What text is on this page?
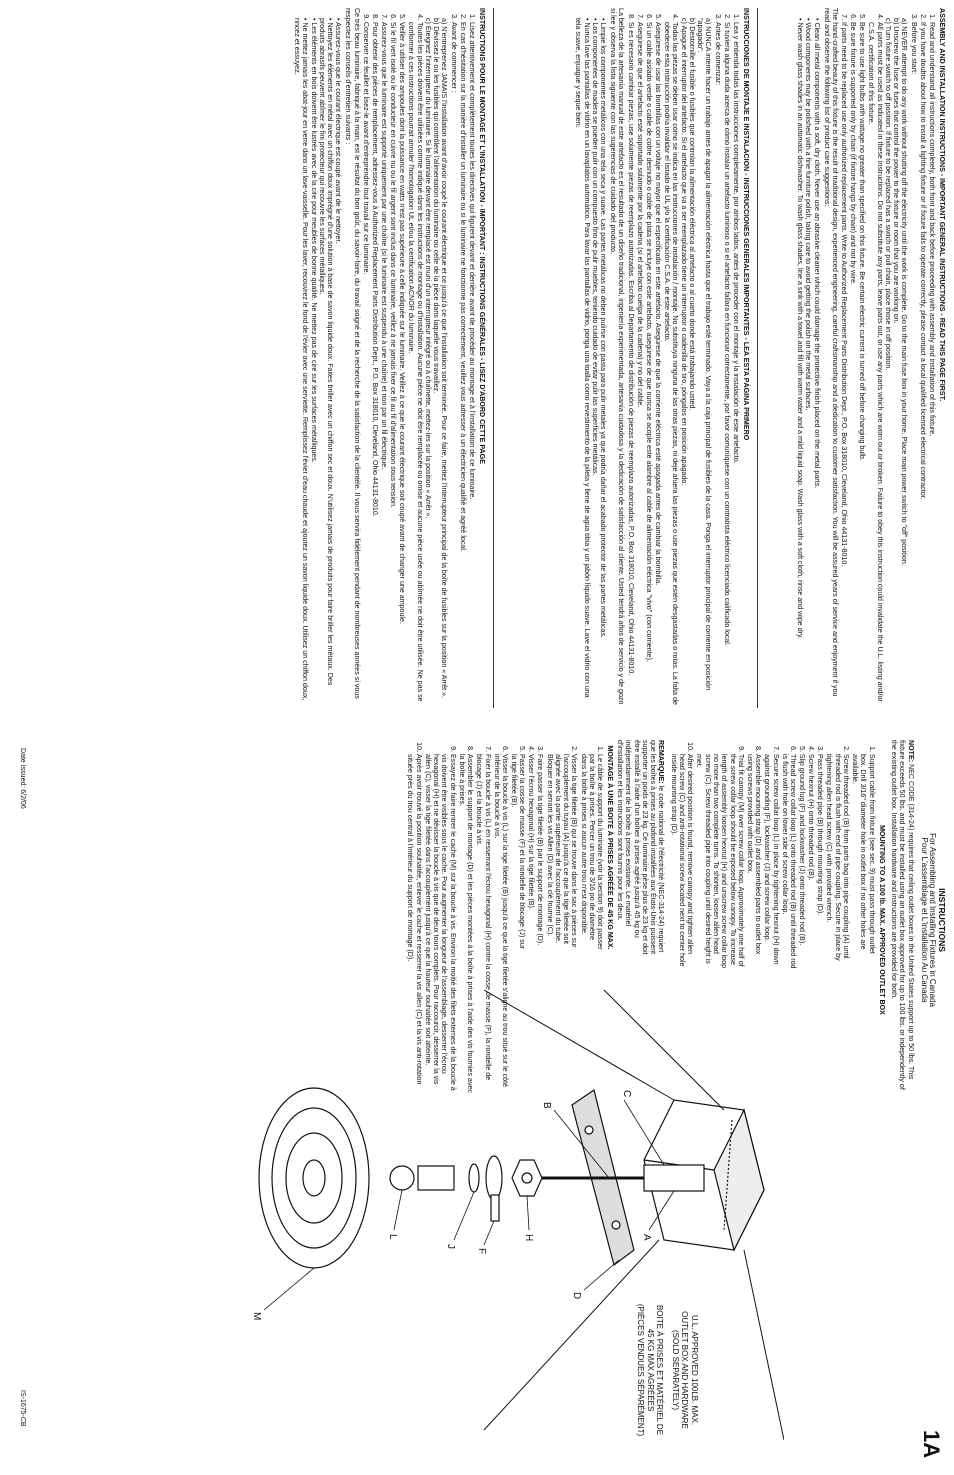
ASSEMBLY AND INSTALLATION INSTRUCTIONS - IMPORTANT GENERAL INSTRUCTIONS - READ THIS PAGE FIRST.

1. Read and understand all instructions completely, both front and back before proceeding with assembly and installation of this fixture.
2. If you have doubts about how to install a lighting fixture or if fixture fails to operate correctly, please contact a local qualified licensed electrical contractor.
3. Before you start:
a) NEVER attempt to do any work without shutting off the electricity until the work is complete. Go to the main fuse box in your home. Place main power switch to "off" position.
b) Unscrew the fuse or fuses that control the power to the fixture or room that you are working on.
c) Turn fixture switch to off position. If fixture to be replaced has a switch or pull chain, place those in off position.
4. All parts must be used as indicated in these instructions. Do not substitute any parts, leave parts out, or use any parts which are worn out or broken. Failure to obey this instruction could invalidate the U.L. listing and/or C.S.A. certification of this fixture.
5. Be sure to use light bulbs with wattage no greater than specified on this fixture. Be certain electric current is turned off before changing bulb.
6. Be sure fixture is supported only by chain (if fixture hangs by chain) and not by wire.
7. If parts need to be replaced use only authorized replacement parts. Write to Authorized Replacement Parts Distribution Dept., P.O. Box 318010, Cleveland, Ohio 44131-8010.

The hand-crafted beauty of this fixture is the result of traditional design, experienced engineering, careful craftsmanship and a dedication to customer satisfaction. You will be assured years of service and enjoyment if you read and observe the following list of product care suggestions:

• Clean all metal components with a soft, dry cloth. Never use an abrasive cleaner which could damage the protective finish placed on the metal parts.
• Wood components may be polished with a fine furniture polish, taking care to avoid getting the polish on the metal surfaces.
• Never wash glass shades in an automatic dishwasher. To wash glass shades, line a sink with a towel and fill with warm water and a mild liquid soap. Wash glass with a soft cloth, rinse and wipe dry.

INSTRUCCIONES DE MONTAJE E INSTALACION - INSTRUCCIONES GENERALES IMPORTANTES - LEA ESTA PÁGINA PRIMERO

1. Lea y entienda todas las instrucciones completamente, por ambos lados, antes de proceder con el montaje y la instalación de este artefacto.
2. Si tuviera alguna duda acerca de cómo instalar un artefacto luminoso o si el artefacto fallara en funcionar correctamente, por favor comuníquese con un contratista eléctrico licenciado calificado local.
3. Antes de comenzar:
a) NUNCA intente hacer un trabajo antes de apagar la alimentación eléctrica hasta que el trabajo esté terminado. Vaya a la caja principal de fusibles de la casa. Ponga el interruptor principal de corriente en posición "apagado".
b) Destornille el fusible o fusibles que controlan la alimentación eléctrica al artefacto o al cuarto donde está trabajando usted.
c) Apague el interruptor del artefacto. Si el artefacto que va a ser reemplazado tiene un interruptor o cadenilla de tiro, póngalos en posición apagado.
4. Todas las piezas se deben usar como se indica en las instrucciones de instalación / montaje. No substituya ninguna de las otras piezas, ni deje afuera las piezas o use piezas que estén desgastadas o rotas. La falta de obedecer esta instrucción podría invalidar el listado de UL y/o la certificación C.S.A. de este artefacto.
5. Asegúrese de usar las bombillas con un voltaje no mayor que el especificado en este artefacto. Asegúrese de que la corriente eléctrica esté apagada antes de cambiar la bombilla.
6. Si un cable aislado verde o cable de cobre desnudo o cable de plata se incluye con este artefacto, asegúrese de que nunca se acople este alambre al cable de alimentación eléctrica "vivo" (con corriente).
7. Asegúrese de que el artefacto esté soportado solamente por la cadena (si el artefacto cuelga de la cadena) y no del cable.
8. Si es necesario cambiar piezas, use solamente piezas de reemplazo autorizadas. Escriba al Departamento de distribución de piezas de reemplazo autorizadas, P.O. Box 318010, Cleveland, Ohio 44131-8010.

La belleza de la artesanía manual de este artefacto es el resultado de un diseño tradicional, ingeniería experimentada, artesanía cuidadosa y la dedicación de satisfacción al cliente. Usted tendrá años de servicio y de gozo si lee y observa la lista siguiente con las sugerencias de cuidado del producto.

• Limpie los componentes metálicos con una tela seca y suave. Las partes metálicas no deben pulirse con pasta para pulir metales ya que podría dañar el acabado protector de las partes metálicas.
• Los componentes de madera se pueden pulir con un compuesto fino de pulir muebles, teniendo cuidado de evitar pulir las superficies metálicas.
• Nunca lave las pantallas de vidrio en un lavaplatos automático. Para lavar las pantallas de vidrio, ponga una toalla como revestimiento de la pileta y llene de agua tibia y un jabón líquido suave. Lave el vidrio con una tela suave, enjuague y seque bien.

INSTRUCTIONS POUR LE MONTAGE ET L'INSTALLATION - IMPORTANT : INSTRUCTIONS GÉNÉRALES - LISEZ D'ABORD CETTE PAGE

1. Lisez attentivement et complètement toutes les directives qui figurent devant et derrière avant de procéder au montage et à l'installation de ce luminaire.
2. En cas d'hésitation sur la manière d'installer un luminaire ou si le luminaire ne fonctionne pas correctement, veuillez vous adresser à un électricien qualifié et agréé local.
3. Avant de commencer :
a) N'entreprenez JAMAIS l'installation avant d'avoir coupé le courant électrique et ce jusqu'à ce que l'installation soit terminée. Pour ce faire, mettez l'interrupteur principal de la boîte de fusibles sur la position « Arrêt ».
b) Dévissez le ou les fusibles qui contrôlent l'alimentation du luminaire ou celle de la pièce dans laquelle vous travaillez.
c) Éteignez l'interrupteur du luminaire. Si le luminaire devant être remplacé est muni d'un interrupteur intégré ou à chaînette, mettez-les sur la position « Arrêt ».
4. Toutes les pièces doivent être utilisées comme indiqué dans les instructions de montage ou d'installation. Aucune pièce ne doit être remplacée ou omise et aucune pièce usée ou abîmée ne doit être utilisée. Ne pas se conformer à ces instructions pourrait annuler l'homologation UL et/ou la certification ACNOR du luminaire.
5. Veiller à utiliser des ampoules dont la puissance en watts n'est pas supérieure à celle indiquée sur le luminaire. Veillez à ce que le courant électrique soit coupé avant de changer une ampoule.
6. Si le fil vert isolé ou le conducteur en cuivre nu ou le fil argent sont inclus dans ce luminaire, veillez à ne jamais fixer ce fil au fil d'alimentation sous tension.
7. Assurez-vous que le luminaire est supporté uniquement par une chaîne (si le luminaire est suspendu à une chaîne) et non par un fil électrique.
8. Pour obtenir des pièces de remplacement, adressez-vous à Authorized Replacement Parts Distribution Dept., P.O. Box 318010, Cleveland, Ohio 44131-8010.
9. Conserver ce feuillet et lisez-le avant d'entreprendre tout travail sur ce luminaire.

Ce très beau luminaire, fabriqué à la main, est le résultat du bon goût, du savoir-faire, du travail soigné et de la recherche de la satisfaction de la clientèle. Il vous servira fidèlement pendant de nombreuses années si vous respectez les conseils d'entretien suivants :

• Assurez-vous que le courant électrique est coupé avant de le nettoyer.
• Nettoyez les éléments en métal avec un chiffon doux imprégné d'une solution à base de savon liquide doux. Faites briller avec un chiffon sec et doux. N'utilisez jamais de produits pour faire briller les métaux. Des produits abrasifs peuvent abîmer le fini protecteur qui recouvre les surfaces métalliques.
• Les éléments en bois doivent être lustrés avec de la cire pour meubles de bonne qualité. Ne mettez pas de cire sur les surfaces métalliques.
• Ne mettez jamais les abat-jour en verre dans un lave-vaisselle. Pour les laver, recouvrez le fond de l'évier avec une serviette. Remplissez l'évier d'eau chaude et ajoutez un savon liquide doux. Utilisez un chiffon doux, rincez et essuyez.

INSTRUCTIONS

For Assembling and Installing Fixtures in Canada

Pour L'assemblage et L'installation Au Canada

NOTE: NEC CODE (314-24) requires that ceiling outlet boxes in the United States support up to 50 lbs. This fixture exceeds 50 lbs. and must be installed using an outlet box approved for up to 100 lbs. or independently of the existing outlet box. Installation hardware and instructions are provided for both.

MOUNTING TO A 100 lb. MAX. APPROVED OUTLET BOX

1. Support cable from fixture (see sec. 9) must pass through outlet box. Drill 3/16" diameter hole in outlet box if no other holes are available.
2. Screw threaded rod (B) from parts bag into pipe coupling (A) until threaded rod is flush with end of pipe coupling. Secure in place by tightening allen head screw (C) with provided wrench.
3. Pass threaded pipe (B) through mounting strap (D).
4. Screw hexnut (H) onto threaded rod (B).
5. Slip ground lug (F) and lockwasher (J) onto threaded rod (B).
6. Thread screw collar loop (L) onto threaded rod (B) until threaded rod is flush with hole on lower side of screw collar loop.
7. Secure screw collar loop (L) in place by tightening hexnut (H) down against grounding (F), lockwasher (J) and screw collar loop.
8. Assemble mounting strap (D) and assembled parts to outlet box using screws provided with outlet box.
9. Trial fit canopy (M) over screw collar loop. Approximately one half of the screw collar loop should be exposed below canopy. To increase length of assembly loosen hexnut (H) and unscrew screw collar loop no more than two complete turns. To shorten, loosen allen head screw (C). Screw threaded pipe into coupling until desired height is met.
10. After desired position is found, remove canopy and tighten allen head screw (C) and anti-rotational screw located next to center hole inside mounting strap (D).

REMARQUE: le code national de l'électricité (NEC-314-24) requiert que les boîtes à prises au plafond installées aux États-Unis puissent supporter un poids de 23 kg. Ce luminaire pèse plus de 23 kg et doit être installé à l'aide d'un boîtier à prises agréé jusqu'à 45 kg ou indépendamment de la boîte à prises existante. Le matériel d'installation et les instructions sont fournis pour les deux.

MONTAGE À UNE BOITE À PRISES AGRÉÉE DE 45 KG MAX.

1. Le câble de support du luminaire (voir la section 9) doit passer par la boîte à prises. Percer un trou de 3/16 po de diamètre dans la boîte à prises si aucun autre trou n'est disponible.
2. Visser la tige filetée (B) qui se trouve dans le sac à pièces sur l'accouplement du tuyau (A) jusqu'à ce que la tige filetée soit alignée avec la partie supérieure de l'accouplement du tube. Bloquer en serrant les vis Allen (D) avec la clé fournie (C).
3. Faire passer la tige filetée (B) par le support de montage (D).
4. Visser l'écrou hexagonal (H) sur la tige filetée (B).
5. Passer la cosse de masse (F) et la rondelle de blocage (J) sur la tige filetée (B).
6. Visser la boucle à vis (L) sur la tige filetée (B) jusqu'à ce que la tige filetée s'aligne au trou situé sur le côté inférieur de la boucle à vis.
7. Fixer la boucle à vis (L) en resserrant l'écrou hexagonal (H) contre la cosse de masse (F), la rondelle de blocage (J) et la boucle à vis.
8. Assembler le support de montage (D) et les pièces montées à la boîte à prises à l'aide des vis fournies avec la boîte à prises.
9. Essayez de faire rentrer le cache (M) sur la boucle à vis. Environ la moitié des filets externes de la boucle à vis doivent être visibles sous le cache. Pour augmenter la longueur de l'assemblage, desserrer l'écrou hexagonal (H) et ne dévisser la boucle à vis que de deux tours complets. Pour raccourcir, desserrer la vis allen (C), visser la tige filetée dans l'accouplement jusqu'à ce que la hauteur souhaitée soit atteinte.
10. Après avoir trouvé la position souhaitée, enlever le cache et resserrer la vis allen (C) et la vis anti-rotation située près du trou central à l'intérieur du support de montage (D).
A
B
C
D
H
F
J
L
M	U.L. APPROVED 100LB. MAX.
OUTLET BOX AND HARDWARE
(SOLD SEPARATELY)
BOITE À PRISES ET MATÉRIEL DE
45 KG MAX AGRÉÉES
(PIÈCES VENDUES SÉPARÉMENT)
1A
Date Issued: 6/2/06
IS-1675-CB
